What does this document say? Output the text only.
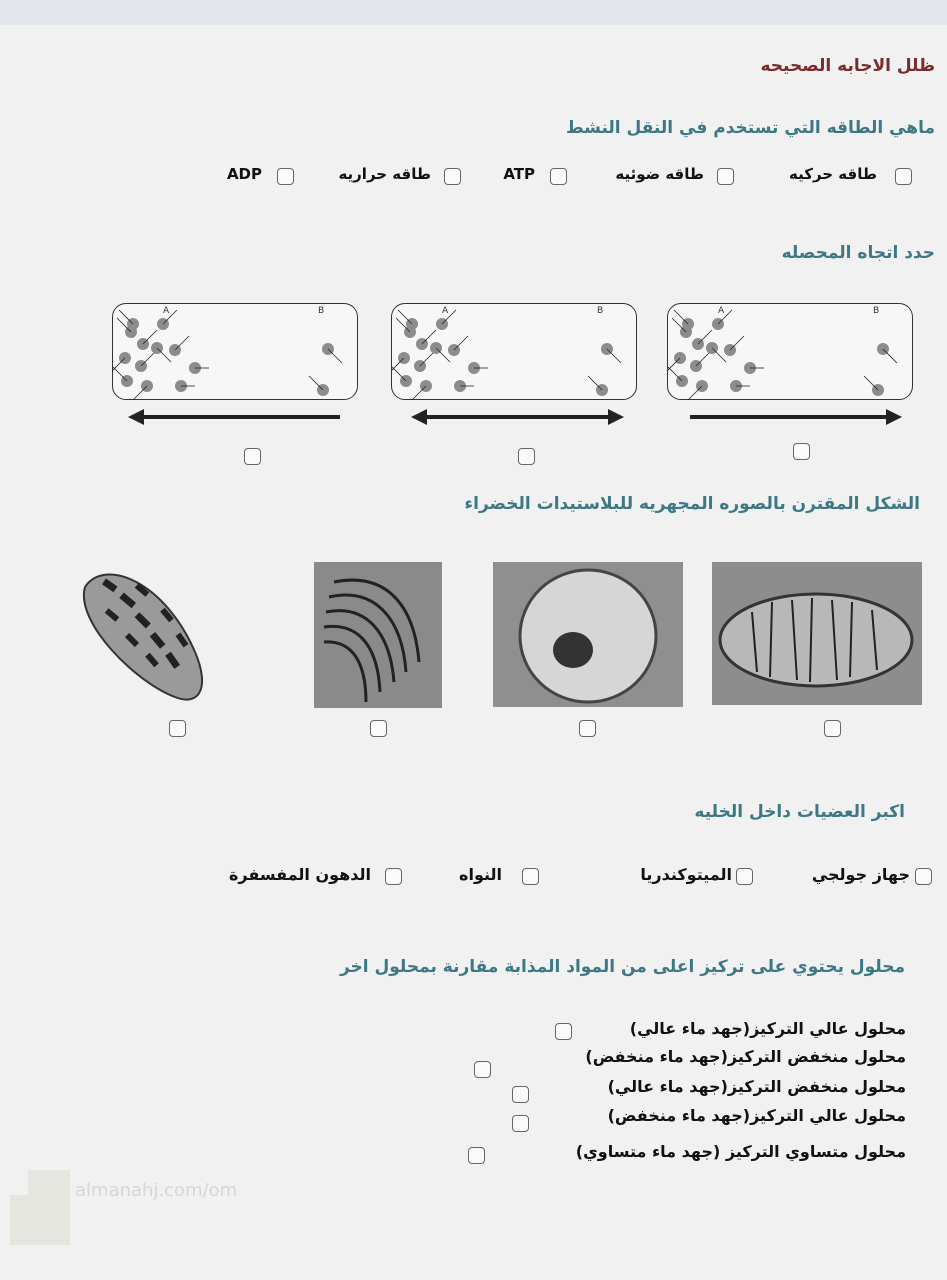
ظلل الاجابه الصحيحه
ماهي الطاقه التي تستخدم في النقل النشط
طاقه حركيه
طاقه ضوئيه
ATP
طاقه حراريه
ADP
حدد اتجاه المحصله
A	B	A	B	A	B
الشكل المقترن بالصوره المجهريه للبلاستيدات الخضراء
اكبر العضيات داخل الخليه
جهاز جولجي
الميتوكندريا
النواه
الدهون المفسفرة
محلول يحتوي على تركيز اعلى من المواد المذابة مقارنة بمحلول اخر
محلول عالي التركيز(جهد ماء عالي)
محلول منخفض التركيز(جهد ماء منخفض)
محلول منخفض التركيز(جهد ماء عالي)
محلول عالي التركيز(جهد ماء منخفض)
محلول متساوي التركيز (جهد ماء متساوي)
almanahj.com/om
